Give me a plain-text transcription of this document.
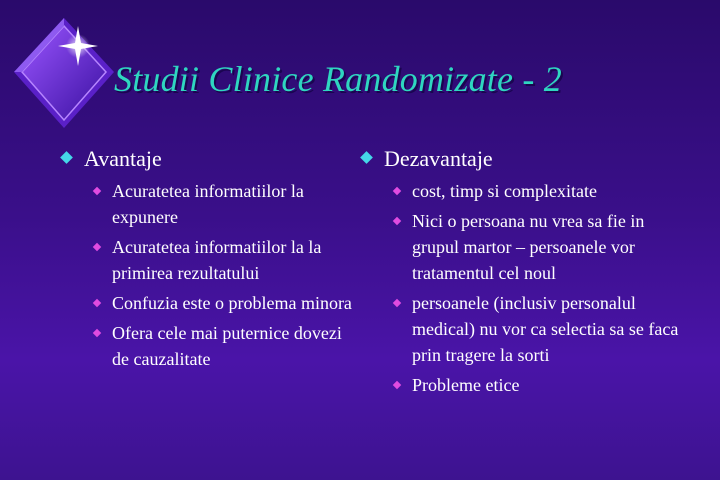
Studii Clinice Randomizate - 2
Avantaje
Acuratetea informatiilor la expunere
Acuratetea informatiilor la la primirea rezultatului
Confuzia este o problema minora
Ofera cele mai puternice dovezi de cauzalitate
Dezavantaje
cost, timp si complexitate
Nici o persoana nu vrea sa fie in grupul martor – persoanele vor tratamentul cel noul
persoanele (inclusiv personalul medical) nu vor ca selectia sa se faca prin tragere la sorti
Probleme etice
